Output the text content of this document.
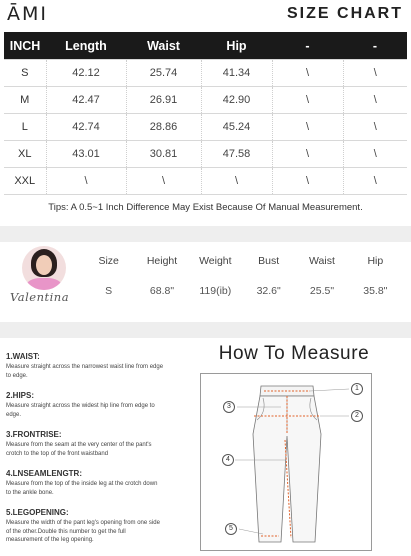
ĀMI	SIZE CHART
INCH	Length	Waist	Hip	-	-
S	42.12	25.74	41.34	\	\
M	42.47	26.91	42.90	\	\
L	42.74	28.86	45.24	\	\
XL	43.01	30.81	47.58	\	\
XXL	\	\	\	\	\
Tips: A 0.5~1 Inch Difference May Exist Because Of Manual Measurement.
Valentina
Size	Height	Weight	Bust	Waist	Hip
S	68.8"	119(ib)	32.6"	25.5"	35.8"
How To Measure
1.WAIST:
Measure straight across the narrowest waist line from edge to edge.
2.HIPS:
Measure straight across the widest hip line from edge to edge.
3.FRONTRISE:
Measure from the seam at the very center of the pant's crotch to the top of the front waistband
4.LNSEAMLENGTR:
Measure from the top of the inside leg at the crotch down to the ankle bone.
5.LEGOPENING:
Measure the width of the pant leg's opening from one side of the other.Double this number to get the full measurement of the leg opening.
1
2
3
4
5
